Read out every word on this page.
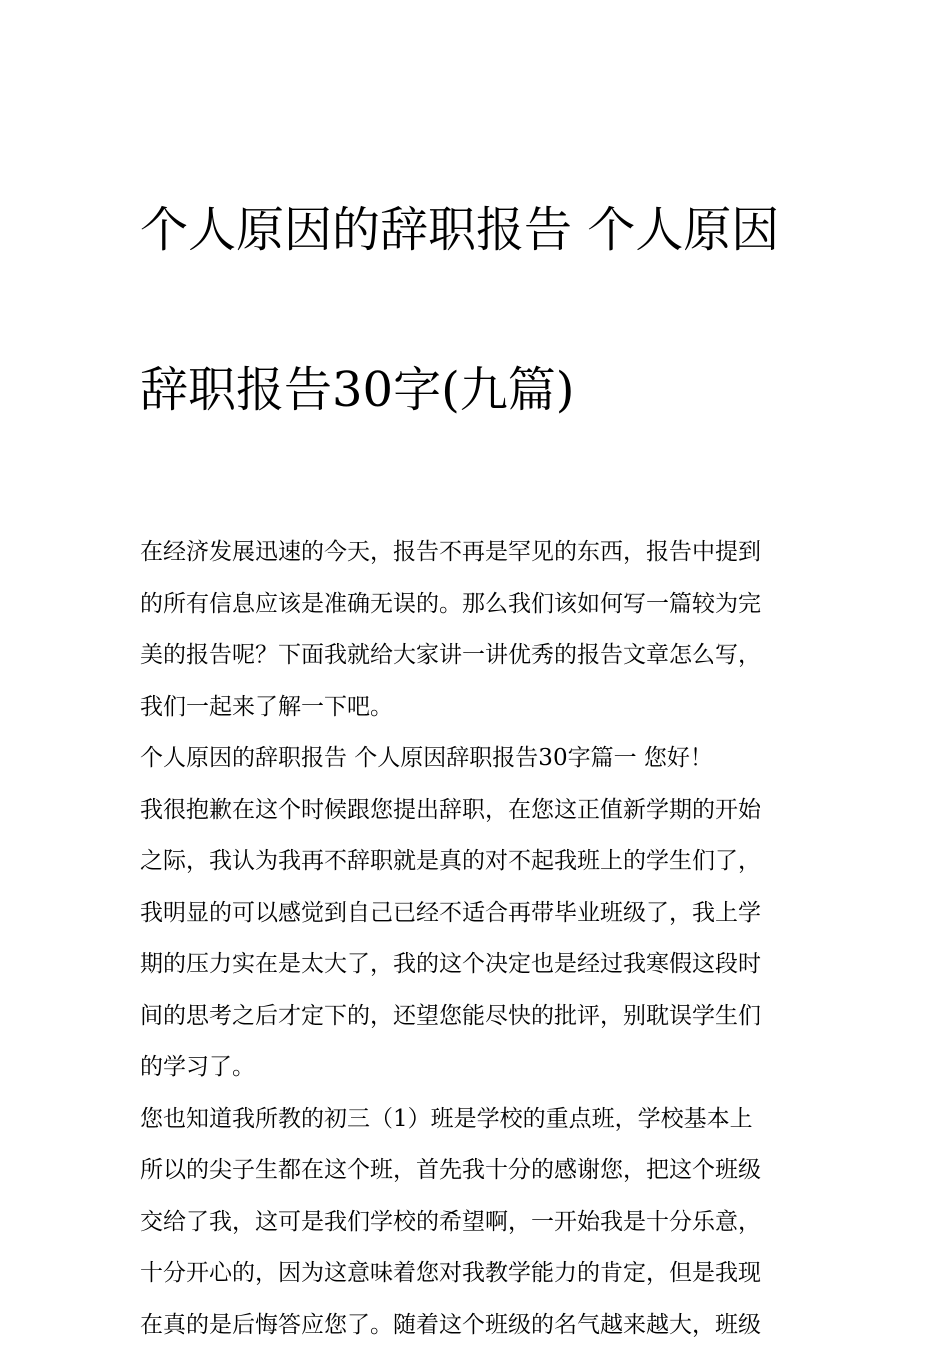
个人原因的辞职报告 个人原因

辞职报告30字(九篇)

在经济发展迅速的今天，报告不再是罕见的东西，报告中提到
的所有信息应该是准确无误的。那么我们该如何写一篇较为完
美的报告呢？下面我就给大家讲一讲优秀的报告文章怎么写，
我们一起来了解一下吧。

个人原因的辞职报告 个人原因辞职报告30字篇一 您好！

我很抱歉在这个时候跟您提出辞职，在您这正值新学期的开始
之际，我认为我再不辞职就是真的对不起我班上的学生们了，
我明显的可以感觉到自己已经不适合再带毕业班级了，我上学
期的压力实在是太大了，我的这个决定也是经过我寒假这段时
间的思考之后才定下的，还望您能尽快的批评，别耽误学生们
的学习了。

您也知道我所教的初三（1）班是学校的重点班，学校基本上
所以的尖子生都在这个班，首先我十分的感谢您，把这个班级
交给了我，这可是我们学校的希望啊，一开始我是十分乐意，
十分开心的，因为这意味着您对我教学能力的肯定，但是我现
在真的是后悔答应您了。随着这个班级的名气越来越大，班级
